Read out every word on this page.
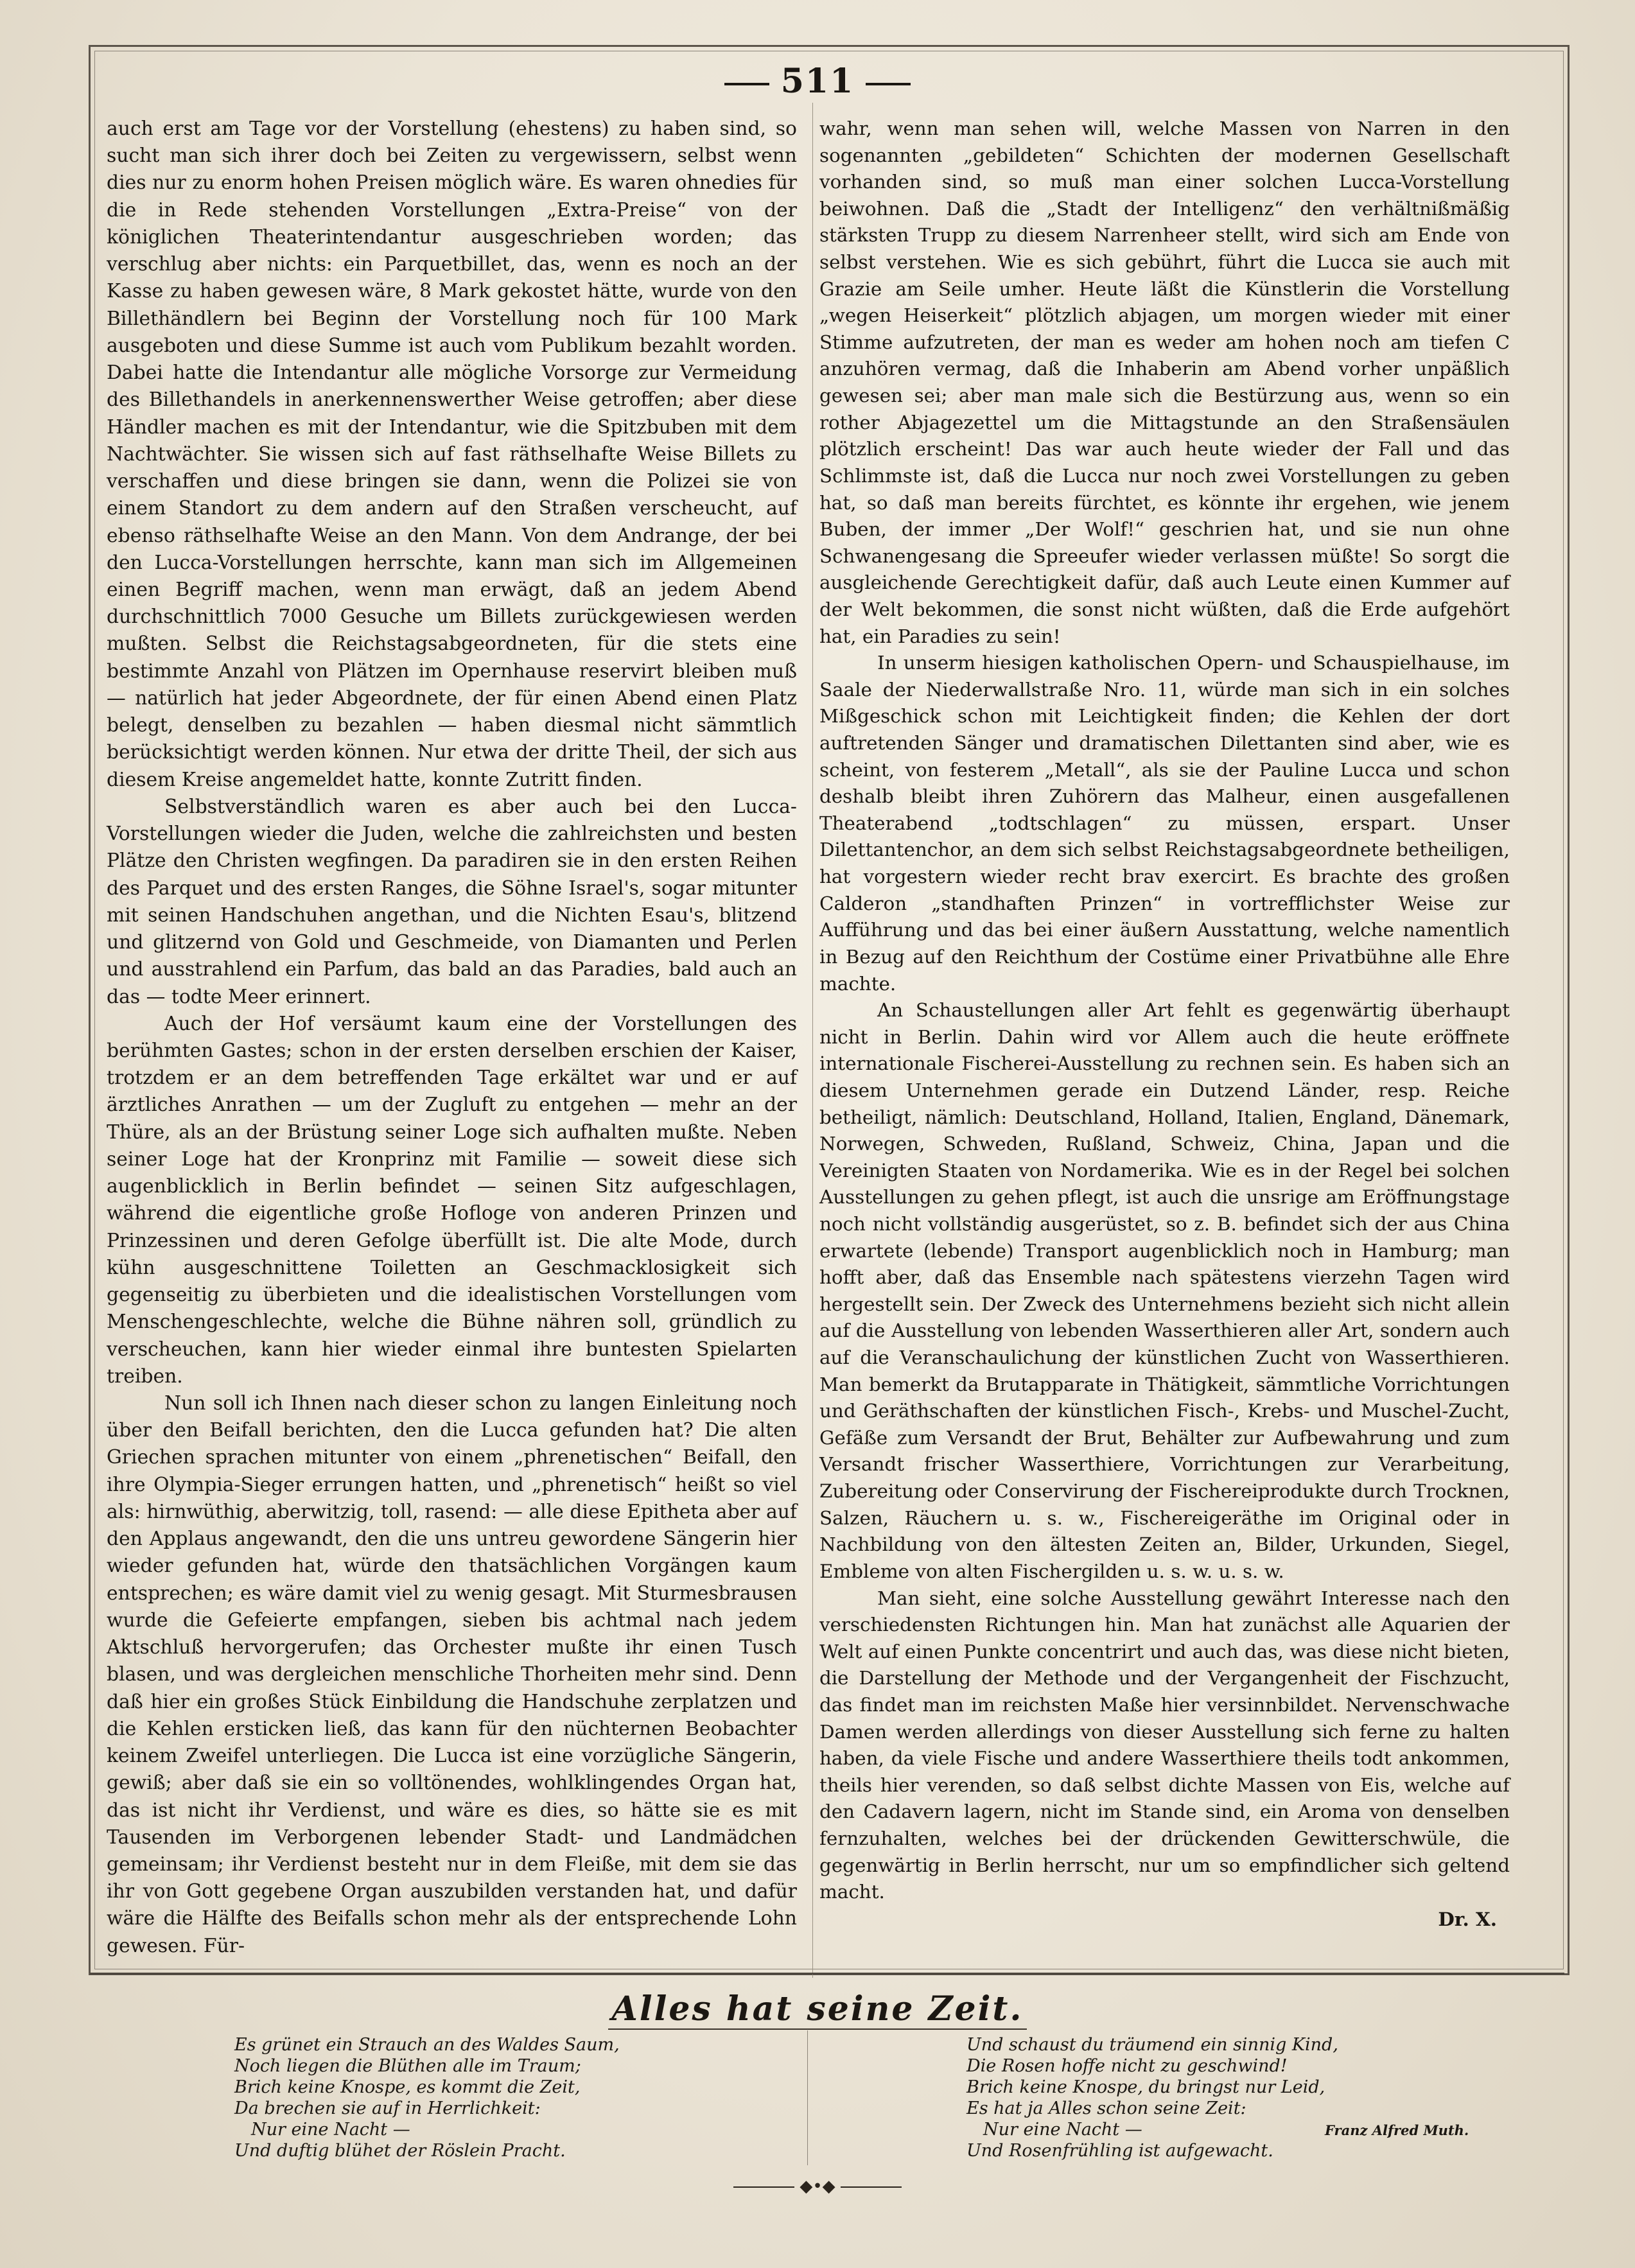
511

auch erst am Tage vor der Vorstellung (ehestens) zu haben sind, so sucht man sich ihrer doch bei Zeiten zu vergewissern, selbst wenn dies nur zu enorm hohen Preisen möglich wäre. Es waren ohnedies für die in Rede stehenden Vorstellungen „Extra-Preise“ von der königlichen Theaterintendantur ausgeschrieben worden; das verschlug aber nichts: ein Parquetbillet, das, wenn es noch an der Kasse zu haben gewesen wäre, 8 Mark gekostet hätte, wurde von den Billethändlern bei Beginn der Vorstellung noch für 100 Mark ausgeboten und diese Summe ist auch vom Publikum bezahlt worden. Dabei hatte die Intendantur alle mögliche Vorsorge zur Vermeidung des Billethandels in anerkennenswerther Weise getroffen; aber diese Händler machen es mit der Intendantur, wie die Spitzbuben mit dem Nachtwächter. Sie wissen sich auf fast räthselhafte Weise Billets zu verschaffen und diese bringen sie dann, wenn die Polizei sie von einem Standort zu dem andern auf den Straßen verscheucht, auf ebenso räthselhafte Weise an den Mann. Von dem Andrange, der bei den Lucca-Vorstellungen herrschte, kann man sich im Allgemeinen einen Begriff machen, wenn man erwägt, daß an jedem Abend durchschnittlich 7000 Gesuche um Billets zurückgewiesen werden mußten. Selbst die Reichstagsabgeordneten, für die stets eine bestimmte Anzahl von Plätzen im Opernhause reservirt bleiben muß — natürlich hat jeder Abgeordnete, der für einen Abend einen Platz belegt, denselben zu bezahlen — haben diesmal nicht sämmtlich berücksichtigt werden können. Nur etwa der dritte Theil, der sich aus diesem Kreise angemeldet hatte, konnte Zutritt finden.

Selbstverständlich waren es aber auch bei den Lucca-Vorstellungen wieder die Juden, welche die zahlreichsten und besten Plätze den Christen wegfingen. Da paradiren sie in den ersten Reihen des Parquet und des ersten Ranges, die Söhne Israel's, sogar mitunter mit seinen Handschuhen angethan, und die Nichten Esau's, blitzend und glitzernd von Gold und Geschmeide, von Diamanten und Perlen und ausstrahlend ein Parfum, das bald an das Paradies, bald auch an das — todte Meer erinnert.

Auch der Hof versäumt kaum eine der Vorstellungen des berühmten Gastes; schon in der ersten derselben erschien der Kaiser, trotzdem er an dem betreffenden Tage erkältet war und er auf ärztliches Anrathen — um der Zugluft zu entgehen — mehr an der Thüre, als an der Brüstung seiner Loge sich aufhalten mußte. Neben seiner Loge hat der Kronprinz mit Familie — soweit diese sich augenblicklich in Berlin befindet — seinen Sitz aufgeschlagen, während die eigentliche große Hofloge von anderen Prinzen und Prinzessinen und deren Gefolge überfüllt ist. Die alte Mode, durch kühn ausgeschnittene Toiletten an Geschmacklosigkeit sich gegenseitig zu überbieten und die idealistischen Vorstellungen vom Menschengeschlechte, welche die Bühne nähren soll, gründlich zu verscheuchen, kann hier wieder einmal ihre buntesten Spielarten treiben.

Nun soll ich Ihnen nach dieser schon zu langen Einleitung noch über den Beifall berichten, den die Lucca gefunden hat? Die alten Griechen sprachen mitunter von einem „phrenetischen“ Beifall, den ihre Olympia-Sieger errungen hatten, und „phrenetisch“ heißt so viel als: hirnwüthig, aberwitzig, toll, rasend: — alle diese Epitheta aber auf den Applaus angewandt, den die uns untreu gewordene Sängerin hier wieder gefunden hat, würde den thatsächlichen Vorgängen kaum entsprechen; es wäre damit viel zu wenig gesagt. Mit Sturmesbrausen wurde die Gefeierte empfangen, sieben bis achtmal nach jedem Aktschluß hervorgerufen; das Orchester mußte ihr einen Tusch blasen, und was dergleichen menschliche Thorheiten mehr sind. Denn daß hier ein großes Stück Einbildung die Handschuhe zerplatzen und die Kehlen ersticken ließ, das kann für den nüchternen Beobachter keinem Zweifel unterliegen. Die Lucca ist eine vorzügliche Sängerin, gewiß; aber daß sie ein so volltönendes, wohlklingendes Organ hat, das ist nicht ihr Verdienst, und wäre es dies, so hätte sie es mit Tausenden im Verborgenen lebender Stadt- und Landmädchen gemeinsam; ihr Verdienst besteht nur in dem Fleiße, mit dem sie das ihr von Gott gegebene Organ auszubilden verstanden hat, und dafür wäre die Hälfte des Beifalls schon mehr als der entsprechende Lohn gewesen. Für-

wahr, wenn man sehen will, welche Massen von Narren in den sogenannten „gebildeten“ Schichten der modernen Gesellschaft vorhanden sind, so muß man einer solchen Lucca-Vorstellung beiwohnen. Daß die „Stadt der Intelligenz“ den verhältnißmäßig stärksten Trupp zu diesem Narrenheer stellt, wird sich am Ende von selbst verstehen. Wie es sich gebührt, führt die Lucca sie auch mit Grazie am Seile umher. Heute läßt die Künstlerin die Vorstellung „wegen Heiserkeit“ plötzlich abjagen, um morgen wieder mit einer Stimme aufzutreten, der man es weder am hohen noch am tiefen C anzuhören vermag, daß die Inhaberin am Abend vorher unpäßlich gewesen sei; aber man male sich die Bestürzung aus, wenn so ein rother Abjagezettel um die Mittagstunde an den Straßensäulen plötzlich erscheint! Das war auch heute wieder der Fall und das Schlimmste ist, daß die Lucca nur noch zwei Vorstellungen zu geben hat, so daß man bereits fürchtet, es könnte ihr ergehen, wie jenem Buben, der immer „Der Wolf!“ geschrien hat, und sie nun ohne Schwanengesang die Spreeufer wieder verlassen müßte! So sorgt die ausgleichende Gerechtigkeit dafür, daß auch Leute einen Kummer auf der Welt bekommen, die sonst nicht wüßten, daß die Erde aufgehört hat, ein Paradies zu sein!

In unserm hiesigen katholischen Opern- und Schauspielhause, im Saale der Niederwallstraße Nro. 11, würde man sich in ein solches Mißgeschick schon mit Leichtigkeit finden; die Kehlen der dort auftretenden Sänger und dramatischen Dilettanten sind aber, wie es scheint, von festerem „Metall“, als sie der Pauline Lucca und schon deshalb bleibt ihren Zuhörern das Malheur, einen ausgefallenen Theaterabend „todtschlagen“ zu müssen, erspart. Unser Dilettantenchor, an dem sich selbst Reichstagsabgeordnete betheiligen, hat vorgestern wieder recht brav exercirt. Es brachte des großen Calderon „standhaften Prinzen“ in vortrefflichster Weise zur Aufführung und das bei einer äußern Ausstattung, welche namentlich in Bezug auf den Reichthum der Costüme einer Privatbühne alle Ehre machte.

An Schaustellungen aller Art fehlt es gegenwärtig überhaupt nicht in Berlin. Dahin wird vor Allem auch die heute eröffnete internationale Fischerei-Ausstellung zu rechnen sein. Es haben sich an diesem Unternehmen gerade ein Dutzend Länder, resp. Reiche betheiligt, nämlich: Deutschland, Holland, Italien, England, Dänemark, Norwegen, Schweden, Rußland, Schweiz, China, Japan und die Vereinigten Staaten von Nordamerika. Wie es in der Regel bei solchen Ausstellungen zu gehen pflegt, ist auch die unsrige am Eröffnungstage noch nicht vollständig ausgerüstet, so z. B. befindet sich der aus China erwartete (lebende) Transport augenblicklich noch in Hamburg; man hofft aber, daß das Ensemble nach spätestens vierzehn Tagen wird hergestellt sein. Der Zweck des Unternehmens bezieht sich nicht allein auf die Ausstellung von lebenden Wasserthieren aller Art, sondern auch auf die Veranschaulichung der künstlichen Zucht von Wasserthieren. Man bemerkt da Brutapparate in Thätigkeit, sämmtliche Vorrichtungen und Geräthschaften der künstlichen Fisch-, Krebs- und Muschel-Zucht, Gefäße zum Versandt der Brut, Behälter zur Aufbewahrung und zum Versandt frischer Wasserthiere, Vorrichtungen zur Verarbeitung, Zubereitung oder Conservirung der Fischereiprodukte durch Trocknen, Salzen, Räuchern u. s. w., Fischereigeräthe im Original oder in Nachbildung von den ältesten Zeiten an, Bilder, Urkunden, Siegel, Embleme von alten Fischergilden u. s. w. u. s. w.

Man sieht, eine solche Ausstellung gewährt Interesse nach den verschiedensten Richtungen hin. Man hat zunächst alle Aquarien der Welt auf einen Punkte concentrirt und auch das, was diese nicht bieten, die Darstellung der Methode und der Vergangenheit der Fischzucht, das findet man im reichsten Maße hier versinnbildet. Nervenschwache Damen werden allerdings von dieser Ausstellung sich ferne zu halten haben, da viele Fische und andere Wasserthiere theils todt ankommen, theils hier verenden, so daß selbst dichte Massen von Eis, welche auf den Cadavern lagern, nicht im Stande sind, ein Aroma von denselben fernzuhalten, welches bei der drückenden Gewitterschwüle, die gegenwärtig in Berlin herrscht, nur um so empfindlicher sich geltend macht.

Dr. X.

Alles hat seine Zeit.
Es grünet ein Strauch an des Waldes Saum,
Noch liegen die Blüthen alle im Traum;
Brich keine Knospe, es kommt die Zeit,
Da brechen sie auf in Herrlichkeit:
Nur eine Nacht —
Und duftig blühet der Röslein Pracht.
Und schaust du träumend ein sinnig Kind,
Die Rosen hoffe nicht zu geschwind!
Brich keine Knospe, du bringst nur Leid,
Es hat ja Alles schon seine Zeit:
Nur eine Nacht —
Und Rosenfrühling ist aufgewacht.
Franz Alfred Muth.
◆•◆
